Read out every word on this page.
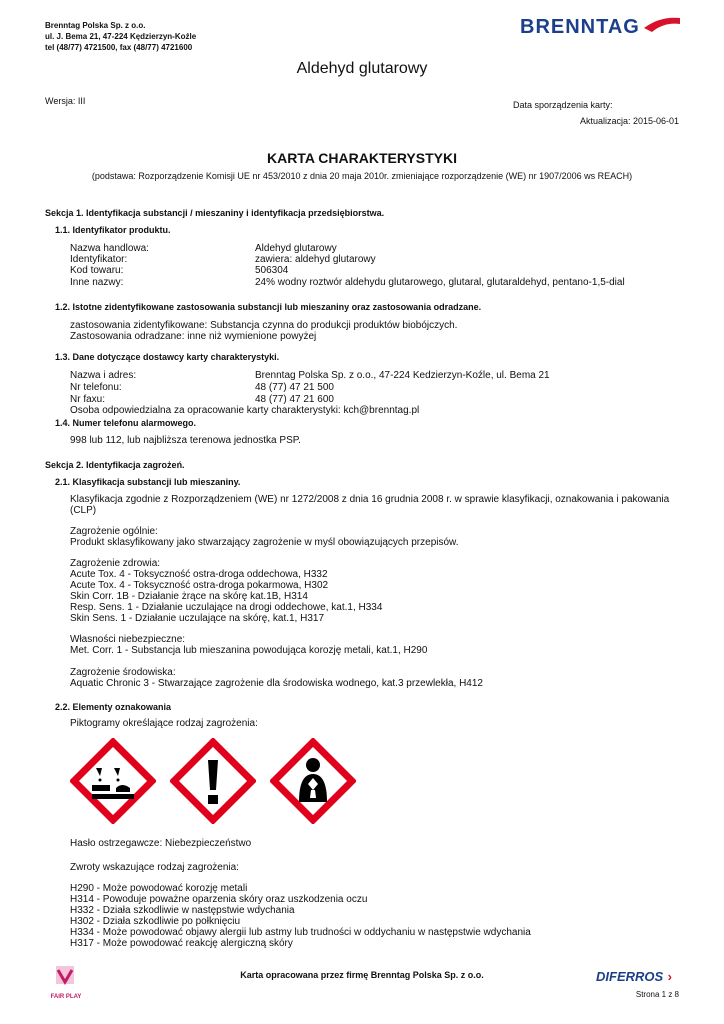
Brenntag Polska Sp. z o.o.
ul. J. Bema 21, 47-224 Kędzierzyn-Koźle
tel (48/77) 4721500, fax (48/77) 4721600
BRENNTAG
Aldehyd glutarowy
Wersja: III	Data sporządzenia karty:
Aktualizacja: 2015-06-01
KARTA CHARAKTERYSTYKI
(podstawa: Rozporządzenie Komisji UE nr 453/2010 z dnia 20 maja 2010r. zmieniające rozporządzenie (WE) nr 1907/2006 ws REACH)
Sekcja 1. Identyfikacja substancji / mieszaniny i identyfikacja przedsiębiorstwa.
1.1. Identyfikator produktu.
Nazwa handlowa:	Aldehyd glutarowy
Identyfikator:	zawiera: aldehyd glutarowy
Kod towaru:	506304
Inne nazwy:	24% wodny roztwór aldehydu glutarowego, glutaral, glutaraldehyd, pentano-1,5-dial
1.2. Istotne zidentyfikowane zastosowania substancji lub mieszaniny oraz zastosowania odradzane.
zastosowania zidentyfikowane: Substancja czynna do produkcji produktów biobójczych.
Zastosowania odradzane: inne niż wymienione powyżej
1.3. Dane dotyczące dostawcy karty charakterystyki.
Nazwa i adres:	Brenntag Polska Sp. z o.o., 47-224 Kedzierzyn-Koźle, ul. Bema 21
Nr telefonu:	48 (77) 47 21 500
Nr faxu:	48 (77) 47 21 600
Osoba odpowiedzialna za opracowanie karty charakterystyki: kch@brenntag.pl
1.4. Numer telefonu alarmowego.
998 lub 112, lub najbliższa terenowa jednostka PSP.
Sekcja 2. Identyfikacja zagrożeń.
2.1. Klasyfikacja substancji lub mieszaniny.
Klasyfikacja zgodnie z Rozporządzeniem (WE) nr 1272/2008 z dnia 16 grudnia 2008 r. w sprawie klasyfikacji, oznakowania i pakowania
(CLP)
Zagrożenie ogólnie:
Produkt sklasyfikowany jako stwarzający zagrożenie w myśl obowiązujących przepisów.
Zagrożenie zdrowia:
Acute Tox. 4 - Toksyczność ostra-droga oddechowa, H332
Acute Tox. 4 - Toksyczność ostra-droga pokarmowa, H302
Skin Corr. 1B - Działanie żrące na skórę kat.1B, H314
Resp. Sens. 1 - Działanie uczulające na drogi oddechowe, kat.1, H334
Skin Sens. 1 - Działanie uczulające na skórę, kat.1, H317
Własności niebezpieczne:
Met. Corr. 1 - Substancja lub mieszanina powodująca korozję metali, kat.1, H290
Zagrożenie środowiska:
Aquatic Chronic 3 - Stwarzające zagrożenie dla środowiska wodnego, kat.3 przewlekła, H412
2.2. Elementy oznakowania
Piktogramy określające rodzaj zagrożenia:
Hasło ostrzegawcze: Niebezpieczeństwo
Zwroty wskazujące rodzaj zagrożenia:
H290 - Może powodować korozję metali
H314 - Powoduje poważne oparzenia skóry oraz uszkodzenia oczu
H332 - Działa szkodliwie w następstwie wdychania
H302 - Działa szkodliwie po połknięciu
H334 - Może powodować objawy alergii lub astmy lub trudności w oddychaniu w następstwie wdychania
H317 - Może powodować reakcję alergiczną skóry
FAIR PLAY
Karta opracowana przez firmę Brenntag Polska Sp. z o.o.	DIFERROS ›
Strona 1 z 8
